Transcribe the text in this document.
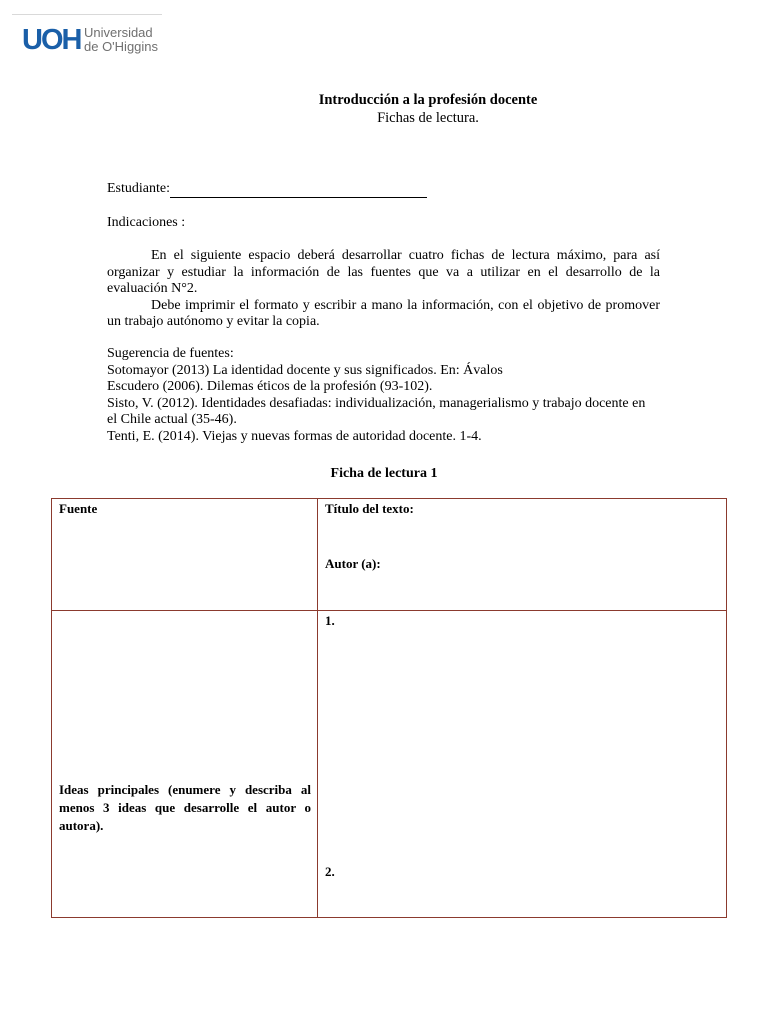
UOH Universidad
de O'Higgins
Introducción a la profesión docente
Fichas de lectura.
Estudiante:
Indicaciones :

En el siguiente espacio deberá desarrollar cuatro fichas de lectura máximo, para así organizar y estudiar la información de las fuentes que va a utilizar en el desarrollo de la evaluación N°2.

Debe imprimir el formato y escribir a mano la información, con el objetivo de promover un trabajo autónomo y evitar la copia.

Sugerencia de fuentes:
Sotomayor (2013) La identidad docente y sus significados. En: Ávalos
Escudero (2006). Dilemas éticos de la profesión (93-102).
Sisto, V. (2012). Identidades desafiadas: individualización, managerialismo y trabajo docente en
el Chile actual (35-46).
Tenti, E. (2014). Viejas y nuevas formas de autoridad docente. 1-4.
Ficha de lectura 1
Fuente	Título del texto:
Autor (a):

Ideas principales (enumere y describa al menos 3 ideas que desarrolle el autor o autora).	1.
2.
